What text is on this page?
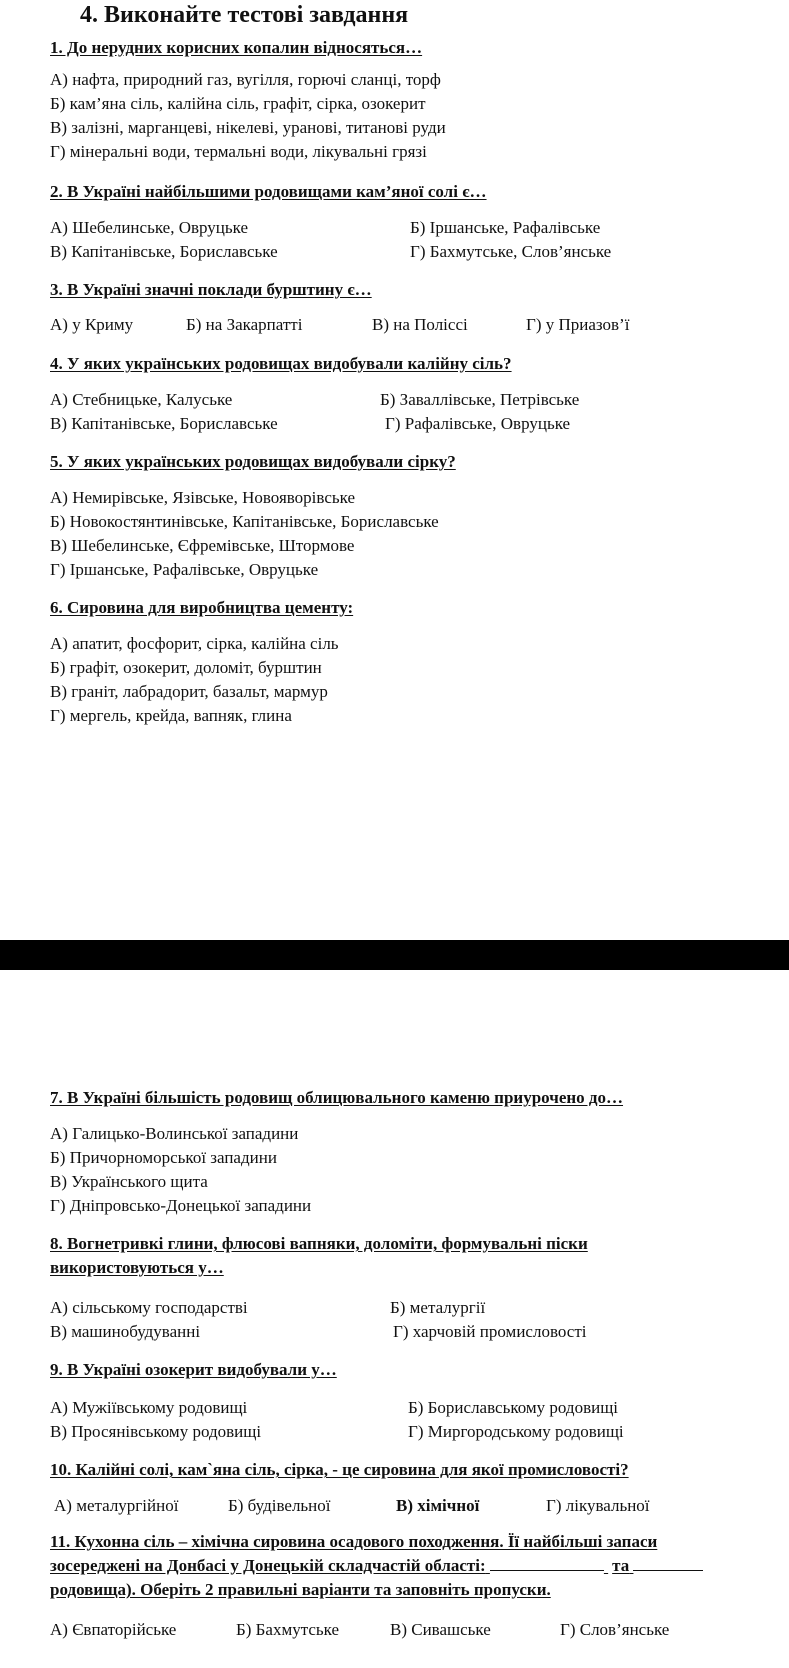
4. Виконайте тестові завдання
1. До нерудних корисних копалин відносяться…
А) нафта, природний газ, вугілля, горючі сланці, торф
Б) кам’яна сіль, калійна сіль, графіт, сірка, озокерит
В) залізні, марганцеві, нікелеві, уранові, титанові руди
Г) мінеральні води, термальні води, лікувальні грязі
2. В Україні найбільшими родовищами кам’яної солі є…
А) Шебелинське, Овруцьке	Б) Іршанське, Рафалівське
В) Капітанівське, Бориславське	Г) Бахмутське, Слов’янське
3. В Україні значні поклади бурштину є…
А) у Криму	Б) на Закарпатті	В) на Поліссі	Г) у Приазов’ї
4. У яких українських родовищах видобували калійну сіль?
А) Стебницьке, Калуське	Б) Заваллівське, Петрівське
В) Капітанівське, Бориславське	Г) Рафалівське, Овруцьке
5. У яких українських родовищах видобували сірку?
А) Немирівське, Язівське, Новояворівське
Б) Новокостянтинівське, Капітанівське, Бориславське
В) Шебелинське, Єфремівське, Штормове
Г) Іршанське, Рафалівське, Овруцьке
6. Сировина для виробництва цементу:
А) апатит, фосфорит, сірка, калійна сіль
Б) графіт, озокерит, доломіт, бурштин
В) граніт, лабрадорит, базальт, мармур
Г) мергель, крейда, вапняк, глина
7. В Україні більшість родовищ облицювального каменю приурочено до…
А) Галицько-Волинської западини
Б) Причорноморської западини
В) Українського щита
Г) Дніпровсько-Донецької западини
8. Вогнетривкі глини, флюсові вапняки, доломіти, формувальні піски
використовуються у…
А) сільському господарстві	Б) металургії
В) машинобудуванні	Г) харчовій промисловості
9. В Україні озокерит видобували у…
А) Мужіївському родовищі	Б) Бориславському родовищі
В) Просянівському родовищі	Г) Миргородському родовищі
10. Калійні солі, кам`яна сіль, сірка, - це сировина для якої промисловості?
А) металургійної	Б) будівельної	В) хімічної	Г) лікувальної
11. Кухонна сіль – хімічна сировина осадового походження. Її найбільші запаси
зосереджені на Донбасі у Донецькій складчастій області:	та
родовища). Оберіть 2 правильні варіанти та заповніть пропуски.
А) Євпаторійське	Б) Бахмутське	В) Сивашське	Г) Слов’янське
